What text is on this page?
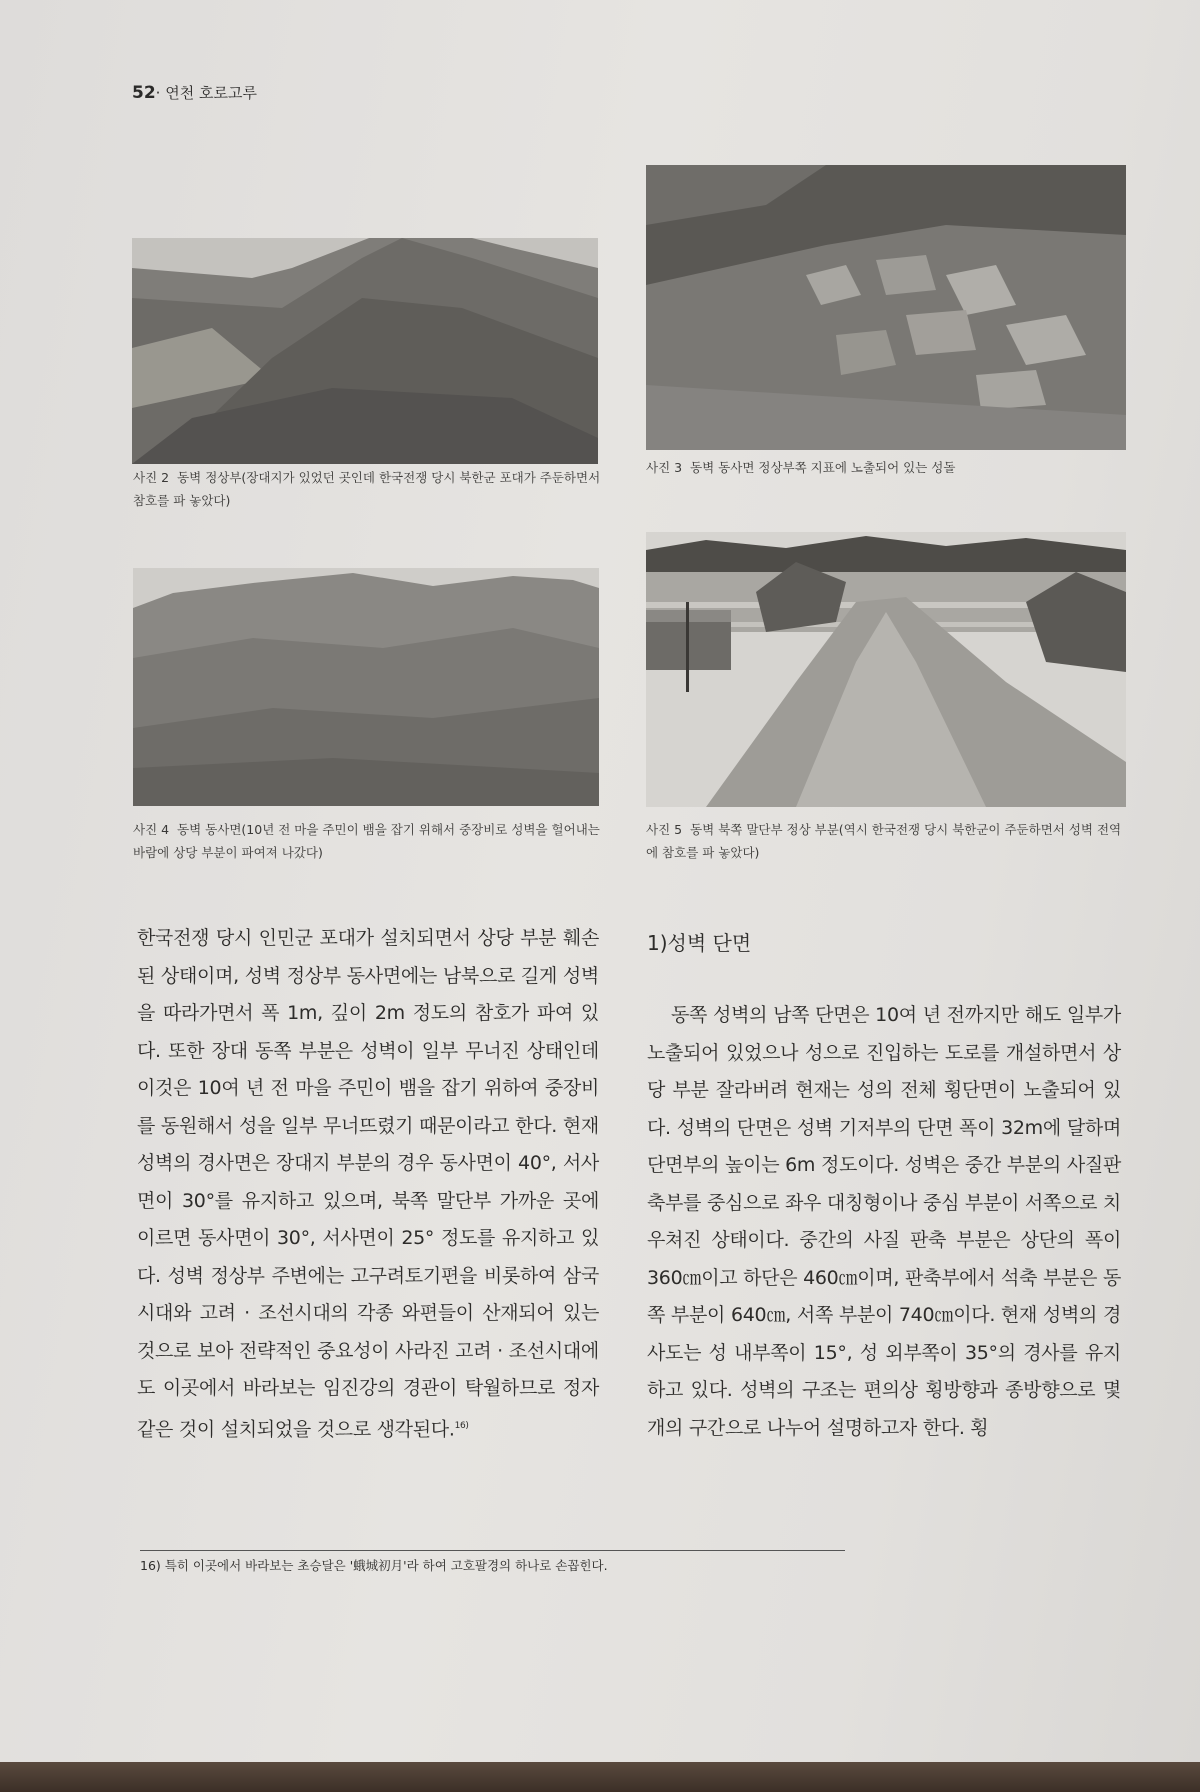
52· 연천 호로고루
사진 2 동벽 정상부(장대지가 있었던 곳인데 한국전쟁 당시 북한군 포대가 주둔하면서 참호를 파 놓았다)
사진 3 동벽 동사면 정상부쪽 지표에 노출되어 있는 성돌
사진 4 동벽 동사면(10년 전 마을 주민이 뱀을 잡기 위해서 중장비로 성벽을 헐어내는 바람에 상당 부분이 파여져 나갔다)
사진 5 동벽 북쪽 말단부 정상 부분(역시 한국전쟁 당시 북한군이 주둔하면서 성벽 전역에 참호를 파 놓았다)

한국전쟁 당시 인민군 포대가 설치되면서 상당 부분 훼손된 상태이며, 성벽 정상부 동사면에는 남북으로 길게 성벽을 따라가면서 폭 1m, 깊이 2m 정도의 참호가 파여 있다. 또한 장대 동쪽 부분은 성벽이 일부 무너진 상태인데 이것은 10여 년 전 마을 주민이 뱀을 잡기 위하여 중장비를 동원해서 성을 일부 무너뜨렸기 때문이라고 한다. 현재 성벽의 경사면은 장대지 부분의 경우 동사면이 40°, 서사면이 30°를 유지하고 있으며, 북쪽 말단부 가까운 곳에 이르면 동사면이 30°, 서사면이 25° 정도를 유지하고 있다. 성벽 정상부 주변에는 고구려토기편을 비롯하여 삼국시대와 고려 · 조선시대의 각종 와편들이 산재되어 있는 것으로 보아 전략적인 중요성이 사라진 고려 · 조선시대에도 이곳에서 바라보는 임진강의 경관이 탁월하므로 정자 같은 것이 설치되었을 것으로 생각된다.$^{16)}$

1)성벽 단면

동쪽 성벽의 남쪽 단면은 10여 년 전까지만 해도 일부가 노출되어 있었으나 성으로 진입하는 도로를 개설하면서 상당 부분 잘라버려 현재는 성의 전체 횡단면이 노출되어 있다. 성벽의 단면은 성벽 기저부의 단면 폭이 32m에 달하며 단면부의 높이는 6m 정도이다. 성벽은 중간 부분의 사질판축부를 중심으로 좌우 대칭형이나 중심 부분이 서쪽으로 치우쳐진 상태이다. 중간의 사질 판축 부분은 상단의 폭이 360㎝이고 하단은 460㎝이며, 판축부에서 석축 부분은 동쪽 부분이 640㎝, 서쪽 부분이 740㎝이다. 현재 성벽의 경사도는 성 내부쪽이 15°, 성 외부쪽이 35°의 경사를 유지하고 있다. 성벽의 구조는 편의상 횡방향과 종방향으로 몇 개의 구간으로 나누어 설명하고자 한다. 횡

16) 특히 이곳에서 바라보는 초승달은 '蛾城初月'라 하여 고호팔경의 하나로 손꼽힌다.
